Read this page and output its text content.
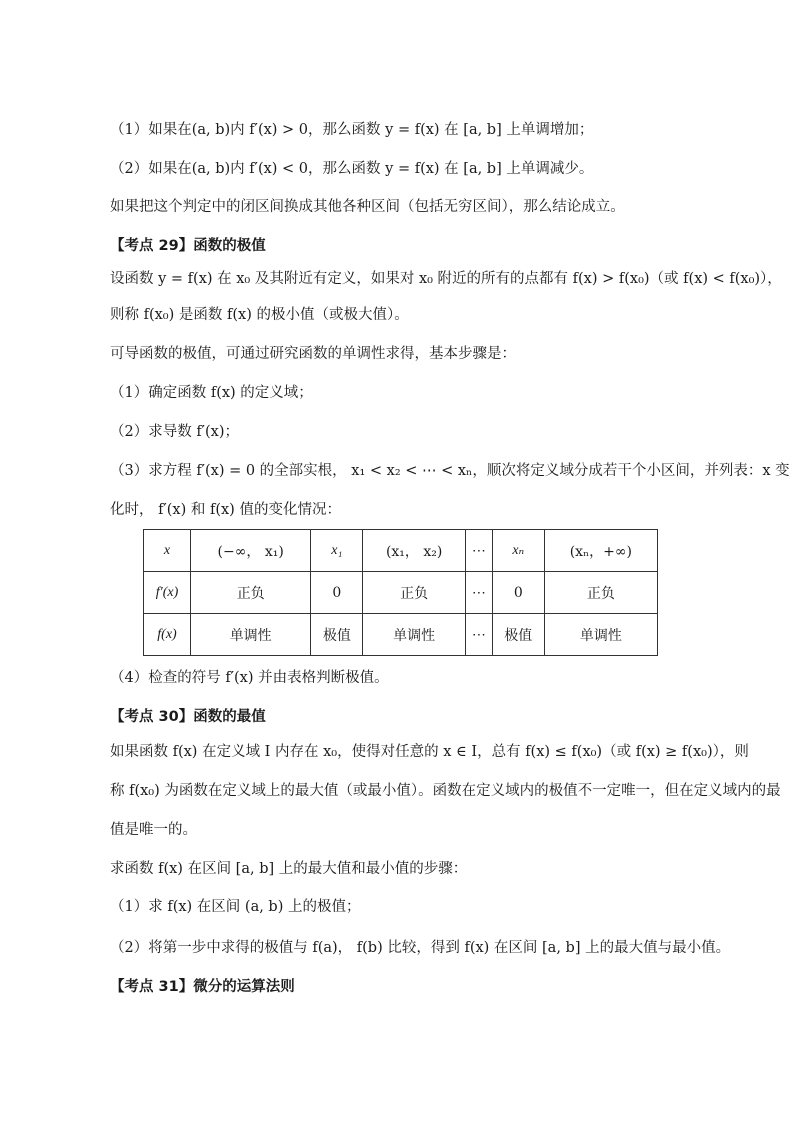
（1）如果在(a, b)内 f′(x) > 0，那么函数 y = f(x) 在 [a, b] 上单调增加；
（2）如果在(a, b)内 f′(x) < 0，那么函数 y = f(x) 在 [a, b] 上单调减少。
如果把这个判定中的闭区间换成其他各种区间（包括无穷区间），那么结论成立。
【考点 29】函数的极值
设函数 y = f(x) 在 x₀ 及其附近有定义，如果对 x₀ 附近的所有的点都有 f(x) > f(x₀)（或 f(x) < f(x₀)），
则称 f(x₀) 是函数 f(x) 的极小值（或极大值）。
可导函数的极值，可通过研究函数的单调性求得，基本步骤是：
（1）确定函数 f(x) 的定义域；
（2）求导数 f′(x)；
（3）求方程 f′(x) = 0 的全部实根， x₁ < x₂ < ⋯ < xₙ，顺次将定义域分成若干个小区间，并列表：x 变
化时， f′(x) 和 f(x) 值的变化情况：
x	(−∞， x₁)	x₁	(x₁， x₂)	⋯	xₙ	(xₙ，+∞)
f′(x)	正负	0	正负	⋯	0	正负
f(x)	单调性	极值	单调性	⋯	极值	单调性
（4）检查的符号 f′(x) 并由表格判断极值。
【考点 30】函数的最值
如果函数 f(x) 在定义域 I 内存在 x₀，使得对任意的 x ∈ I，总有 f(x) ≤ f(x₀)（或 f(x) ≥ f(x₀)），则
称 f(x₀) 为函数在定义域上的最大值（或最小值）。函数在定义域内的极值不一定唯一，但在定义域内的最
值是唯一的。
求函数 f(x) 在区间 [a, b] 上的最大值和最小值的步骤：
（1）求 f(x) 在区间 (a, b) 上的极值；
（2）将第一步中求得的极值与 f(a)， f(b) 比较，得到 f(x) 在区间 [a, b] 上的最大值与最小值。
【考点 31】微分的运算法则
